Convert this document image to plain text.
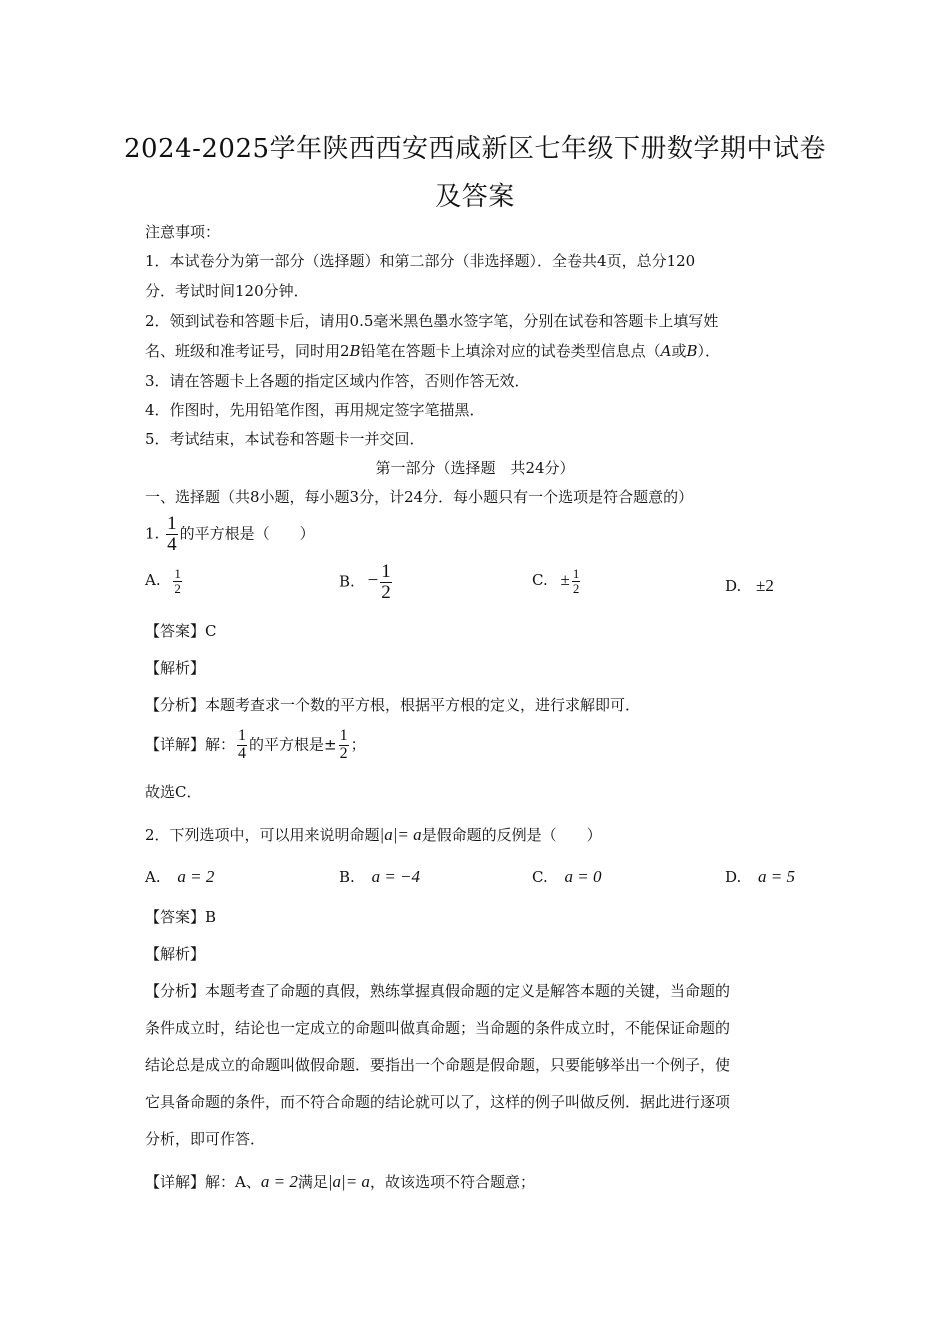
2024-2025学年陕西西安西咸新区七年级下册数学期中试卷
及答案
注意事项：
1．本试卷分为第一部分（选择题）和第二部分（非选择题）．全卷共4页，总分120
分．考试时间120分钟．
2．领到试卷和答题卡后，请用0.5毫米黑色墨水签字笔，分别在试卷和答题卡上填写姓
名、班级和准考证号，同时用2B铅笔在答题卡上填涂对应的试卷类型信息点（A或B）．
3．请在答题卡上各题的指定区域内作答，否则作答无效．
4．作图时，先用铅笔作图，再用规定签字笔描黑．
5．考试结束，本试卷和答题卡一并交回．
第一部分（选择题　共24分）
一、选择题（共8小题，每小题3分，计24分．每小题只有一个选项是符合题意的）
1. $\frac{1}{4}$ 的平方根是（　　）
A. $\frac{1}{2}$	B. − $\frac{1}{2}$	C. ± $\frac{1}{2}$	D. ±2
【答案】C
【解析】
【分析】本题考查求一个数的平方根，根据平方根的定义，进行求解即可．
【详解】解： $\frac{1}{4}$ 的平方根是± $\frac{1}{2}$ ；
故选C．
2．下列选项中，可以用来说明命题|a|= a是假命题的反例是（　　）
A. a = 2	B. a = −4	C. a = 0	D. a = 5
【答案】B
【解析】
【分析】本题考查了命题的真假，熟练掌握真假命题的定义是解答本题的关键，当命题的
条件成立时，结论也一定成立的命题叫做真命题；当命题的条件成立时，不能保证命题的
结论总是成立的命题叫做假命题．要指出一个命题是假命题，只要能够举出一个例子，使
它具备命题的条件，而不符合命题的结论就可以了，这样的例子叫做反例．据此进行逐项
分析，即可作答．
【详解】解：A、a = 2满足|a|= a，故该选项不符合题意；
